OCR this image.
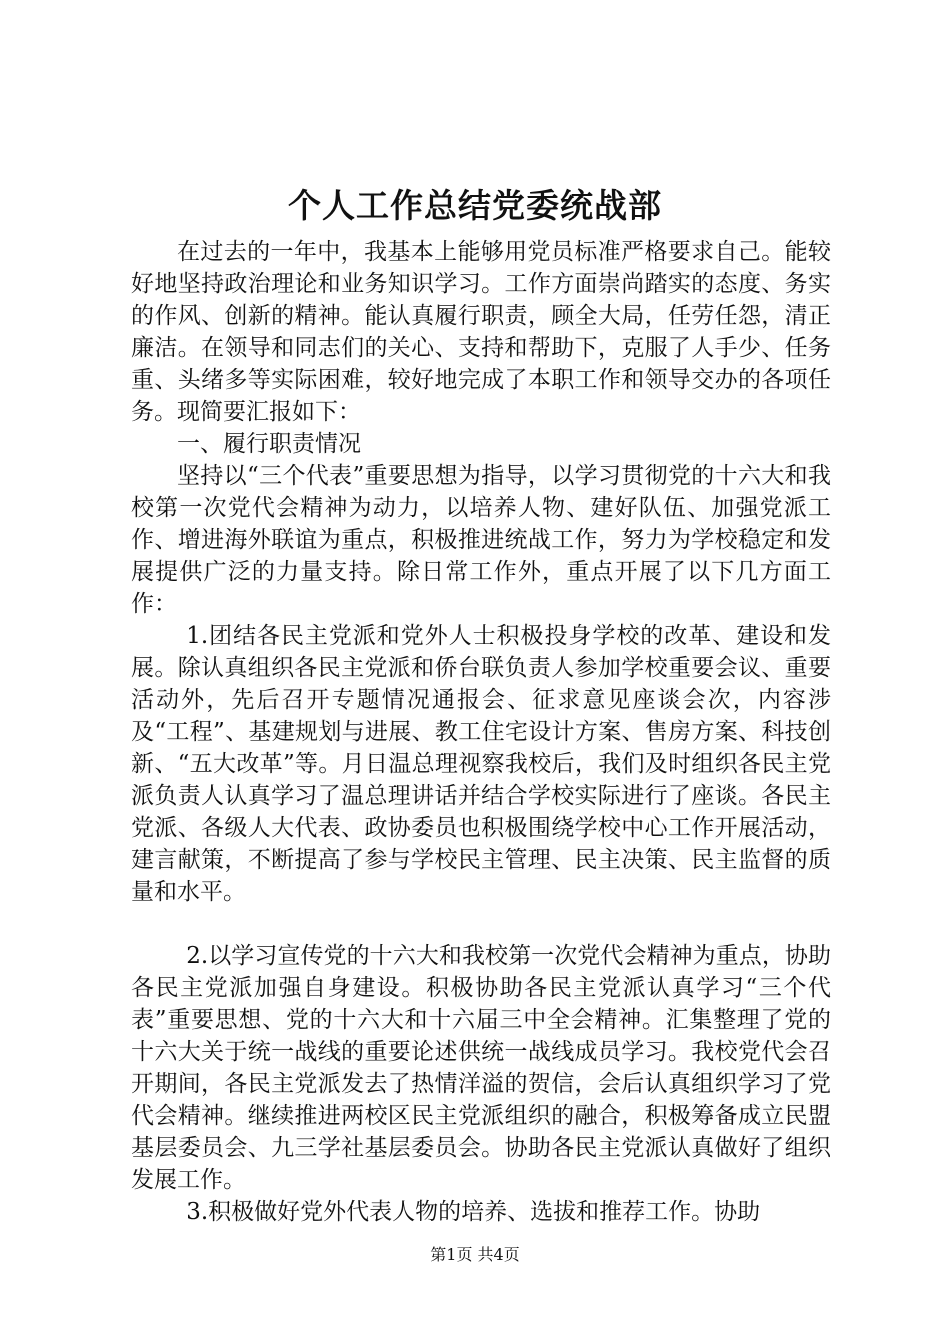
个人工作总结党委统战部

在过去的一年中，我基本上能够用党员标准严格要求自己。能较好地坚持政治理论和业务知识学习。工作方面崇尚踏实的态度、务实的作风、创新的精神。能认真履行职责，顾全大局，任劳任怨，清正廉洁。在领导和同志们的关心、支持和帮助下，克服了人手少、任务重、头绪多等实际困难，较好地完成了本职工作和领导交办的各项任务。现简要汇报如下：

一、履行职责情况

坚持以“三个代表”重要思想为指导，以学习贯彻党的十六大和我校第一次党代会精神为动力，以培养人物、建好队伍、加强党派工作、增进海外联谊为重点，积极推进统战工作，努力为学校稳定和发展提供广泛的力量支持。除日常工作外，重点开展了以下几方面工作：

1.团结各民主党派和党外人士积极投身学校的改革、建设和发展。除认真组织各民主党派和侨台联负责人参加学校重要会议、重要活动外，先后召开专题情况通报会、征求意见座谈会次，内容涉及“工程”、基建规划与进展、教工住宅设计方案、售房方案、科技创新、“五大改革”等。月日温总理视察我校后，我们及时组织各民主党派负责人认真学习了温总理讲话并结合学校实际进行了座谈。各民主党派、各级人大代表、政协委员也积极围绕学校中心工作开展活动，建言献策，不断提高了参与学校民主管理、民主决策、民主监督的质量和水平。

2.以学习宣传党的十六大和我校第一次党代会精神为重点，协助各民主党派加强自身建设。积极协助各民主党派认真学习“三个代表”重要思想、党的十六大和十六届三中全会精神。汇集整理了党的十六大关于统一战线的重要论述供统一战线成员学习。我校党代会召开期间，各民主党派发去了热情洋溢的贺信，会后认真组织学习了党代会精神。继续推进两校区民主党派组织的融合，积极筹备成立民盟基层委员会、九三学社基层委员会。协助各民主党派认真做好了组织发展工作。

3.积极做好党外代表人物的培养、选拔和推荐工作。协助

第1页 共4页
